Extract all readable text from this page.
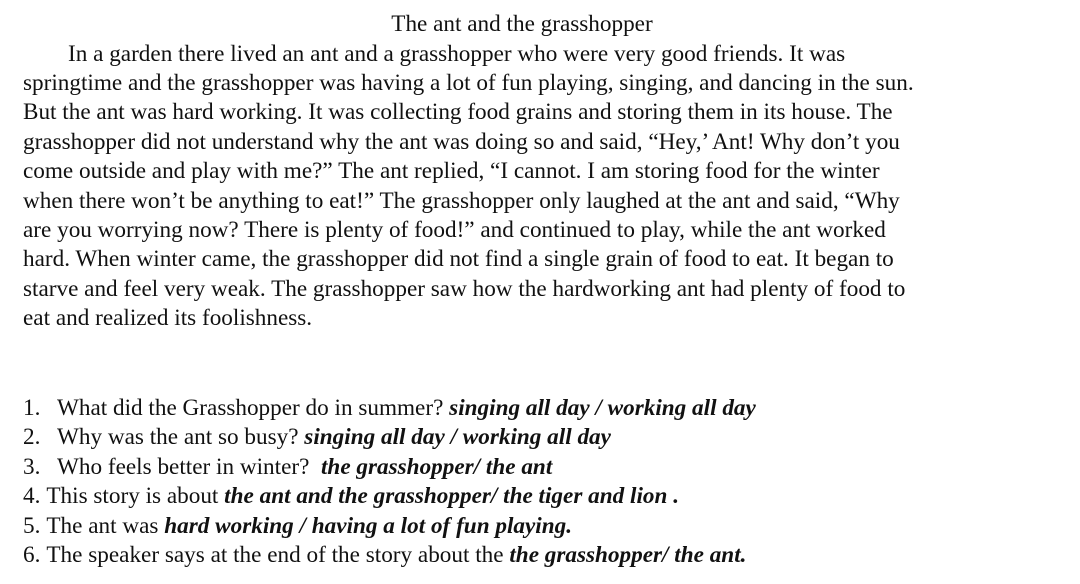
The ant and the grasshopper
In a garden there lived an ant and a grasshopper who were very good friends. It was
springtime and the grasshopper was having a lot of fun playing, singing, and dancing in the sun.
But the ant was hard working. It was collecting food grains and storing them in its house. The
grasshopper did not understand why the ant was doing so and said, “Hey,’ Ant! Why don’t you
come outside and play with me?” The ant replied, “I cannot. I am storing food for the winter
when there won’t be anything to eat!” The grasshopper only laughed at the ant and said, “Why
are you worrying now? There is plenty of food!” and continued to play, while the ant worked
hard. When winter came, the grasshopper did not find a single grain of food to eat. It began to
starve and feel very weak. The grasshopper saw how the hardworking ant had plenty of food to
eat and realized its foolishness.
1. What did the Grasshopper do in summer? singing all day / working all day
2. Why was the ant so busy? singing all day / working all day
3. Who feels better in winter?  the grasshopper/ the ant
4. This story is about the ant and the grasshopper/ the tiger and lion .
5. The ant was hard working / having a lot of fun playing.
6. The speaker says at the end of the story about the the grasshopper/ the ant.
